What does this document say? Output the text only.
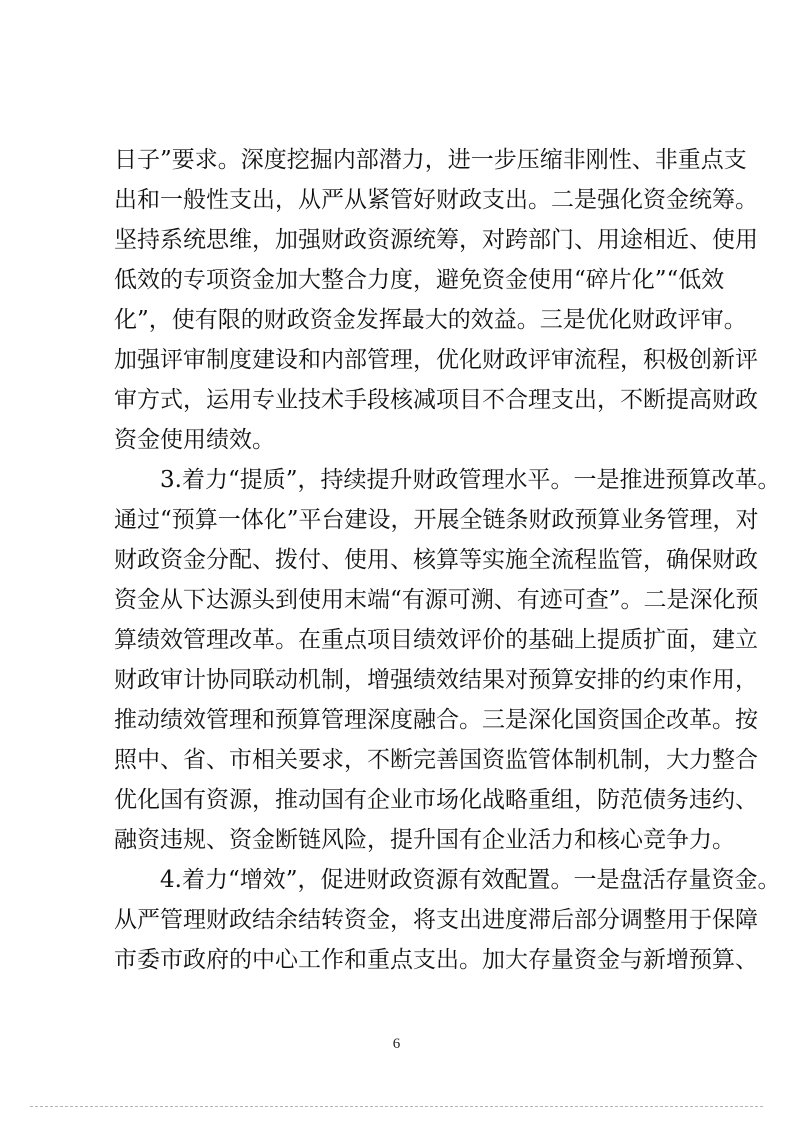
日 子 ” 要 求 。 深 度 挖 掘 内 部 潜 力 ， 进 一 步 压 缩 非 刚 性 、 非 重 点 支
出 和 一 般 性 支 出 ， 从 严 从 紧 管 好 财 政 支 出 。 二 是 强 化 资 金 统 筹 。
坚 持 系 统 思 维 ， 加 强 财 政 资 源 统 筹 ， 对 跨 部 门 、 用 途 相 近 、 使 用
低 效 的 专 项 资 金 加 大 整 合 力 度 ， 避 免 资 金 使 用 “ 碎 片 化 ” “ 低 效
化 ” ， 使 有 限 的 财 政 资 金 发 挥 最 大 的 效 益 。 三 是 优 化 财 政 评 审 。
加 强 评 审 制 度 建 设 和 内 部 管 理 ， 优 化 财 政 评 审 流 程 ， 积 极 创 新 评
审 方 式 ， 运 用 专 业 技 术 手 段 核 减 项 目 不 合 理 支 出 ， 不 断 提 高 财 政
资金使用绩效。
3 . 着 力 “ 提 质 ” ， 持 续 提 升 财 政 管 理 水 平 。 一 是 推 进 预 算 改 革 。
通 过 “ 预 算 一 体 化 ” 平 台 建 设 ， 开 展 全 链 条 财 政 预 算 业 务 管 理 ， 对
财 政 资 金 分 配 、 拨 付 、 使 用 、 核 算 等 实 施 全 流 程 监 管 ， 确 保 财 政
资 金 从 下 达 源 头 到 使 用 末 端 “ 有 源 可 溯 、 有 迹 可 查 ” 。 二 是 深 化 预
算 绩 效 管 理 改 革 。 在 重 点 项 目 绩 效 评 价 的 基 础 上 提 质 扩 面 ， 建 立
财 政 审 计 协 同 联 动 机 制 ， 增 强 绩 效 结 果 对 预 算 安 排 的 约 束 作 用 ，
推 动 绩 效 管 理 和 预 算 管 理 深 度 融 合 。 三 是 深 化 国 资 国 企 改 革 。 按
照 中 、 省 、 市 相 关 要 求 ， 不 断 完 善 国 资 监 管 体 制 机 制 ， 大 力 整 合
优 化 国 有 资 源 ， 推 动 国 有 企 业 市 场 化 战 略 重 组 ， 防 范 债 务 违 约 、
融 资 违 规 、 资 金 断 链 风 险 ， 提 升 国 有 企 业 活 力 和 核 心 竞 争 力 。
4 . 着 力 “ 增 效 ” ， 促 进 财 政 资 源 有 效 配 置 。 一 是 盘 活 存 量 资 金 。
从 严 管 理 财 政 结 余 结 转 资 金 ， 将 支 出 进 度 滞 后 部 分 调 整 用 于 保 障
市 委 市 政 府 的 中 心 工 作 和 重 点 支 出 。 加 大 存 量 资 金 与 新 增 预 算 、
6
